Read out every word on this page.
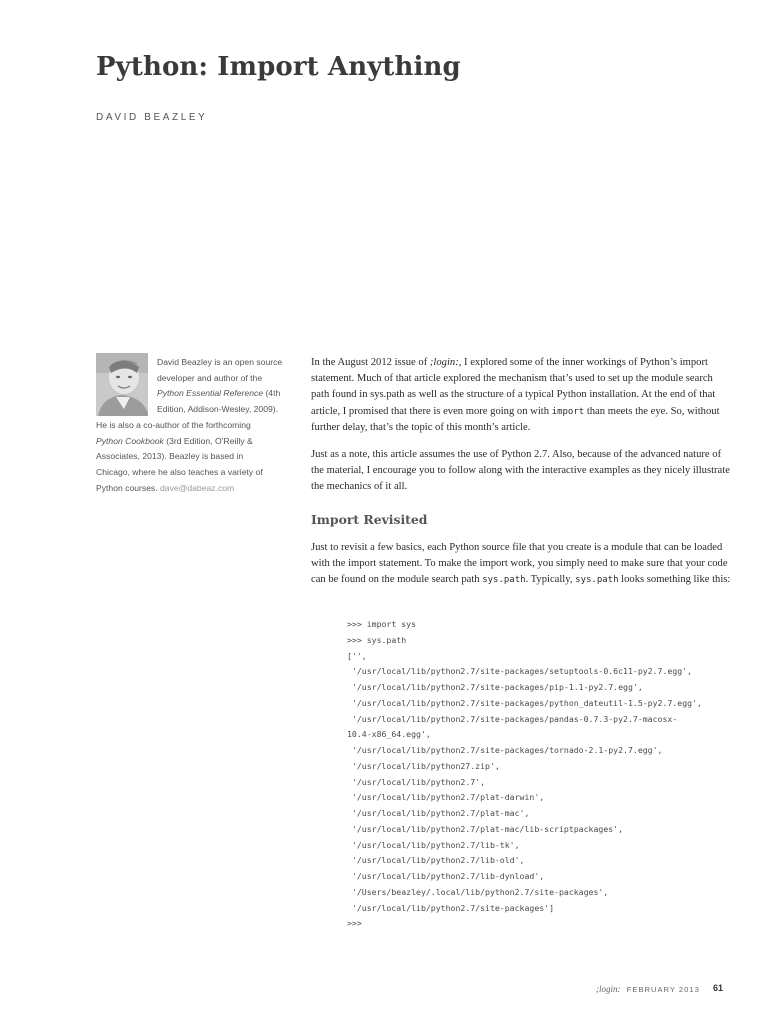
Python: Import Anything
DAVID BEAZLEY
David Beazley is an open source
developer and author of the
Python Essential Reference (4th
Edition, Addison-Wesley, 2009).
He is also a co-author of the forthcoming
Python Cookbook (3rd Edition, O’Reilly &
Associates, 2013). Beazley is based in
Chicago, where he also teaches a variety of
Python courses. dave@dabeaz.com

In the August 2012 issue of ;login:, I explored some of the inner workings of Python’s import statement. Much of that article explored the mechanism that’s used to set up the module search path found in sys.path as well as the structure of a typical Python installation. At the end of that article, I promised that there is even more going on with import than meets the eye. So, without further delay, that’s the topic of this month’s article.

Just as a note, this article assumes the use of Python 2.7. Also, because of the advanced nature of the material, I encourage you to follow along with the interactive examples as they nicely illustrate the mechanics of it all.

Import Revisited

Just to revisit a few basics, each Python source file that you create is a module that can be loaded with the import statement. To make the import work, you simply need to make sure that your code can be found on the module search path sys.path. Typically, sys.path looks something like this:

>>> import sys
>>> sys.path
['',
'/usr/local/lib/python2.7/site-packages/setuptools-0.6c11-py2.7.egg',
'/usr/local/lib/python2.7/site-packages/pip-1.1-py2.7.egg',
'/usr/local/lib/python2.7/site-packages/python_dateutil-1.5-py2.7.egg',
'/usr/local/lib/python2.7/site-packages/pandas-0.7.3-py2.7-macosx-
10.4-x86_64.egg',
'/usr/local/lib/python2.7/site-packages/tornado-2.1-py2.7.egg',
'/usr/local/lib/python27.zip',
'/usr/local/lib/python2.7',
'/usr/local/lib/python2.7/plat-darwin',
'/usr/local/lib/python2.7/plat-mac',
'/usr/local/lib/python2.7/plat-mac/lib-scriptpackages',
'/usr/local/lib/python2.7/lib-tk',
'/usr/local/lib/python2.7/lib-old',
'/usr/local/lib/python2.7/lib-dynload',
'/Users/beazley/.local/lib/python2.7/site-packages',
'/usr/local/lib/python2.7/site-packages']
>>>
;login: FEBRUARY 2013 61
